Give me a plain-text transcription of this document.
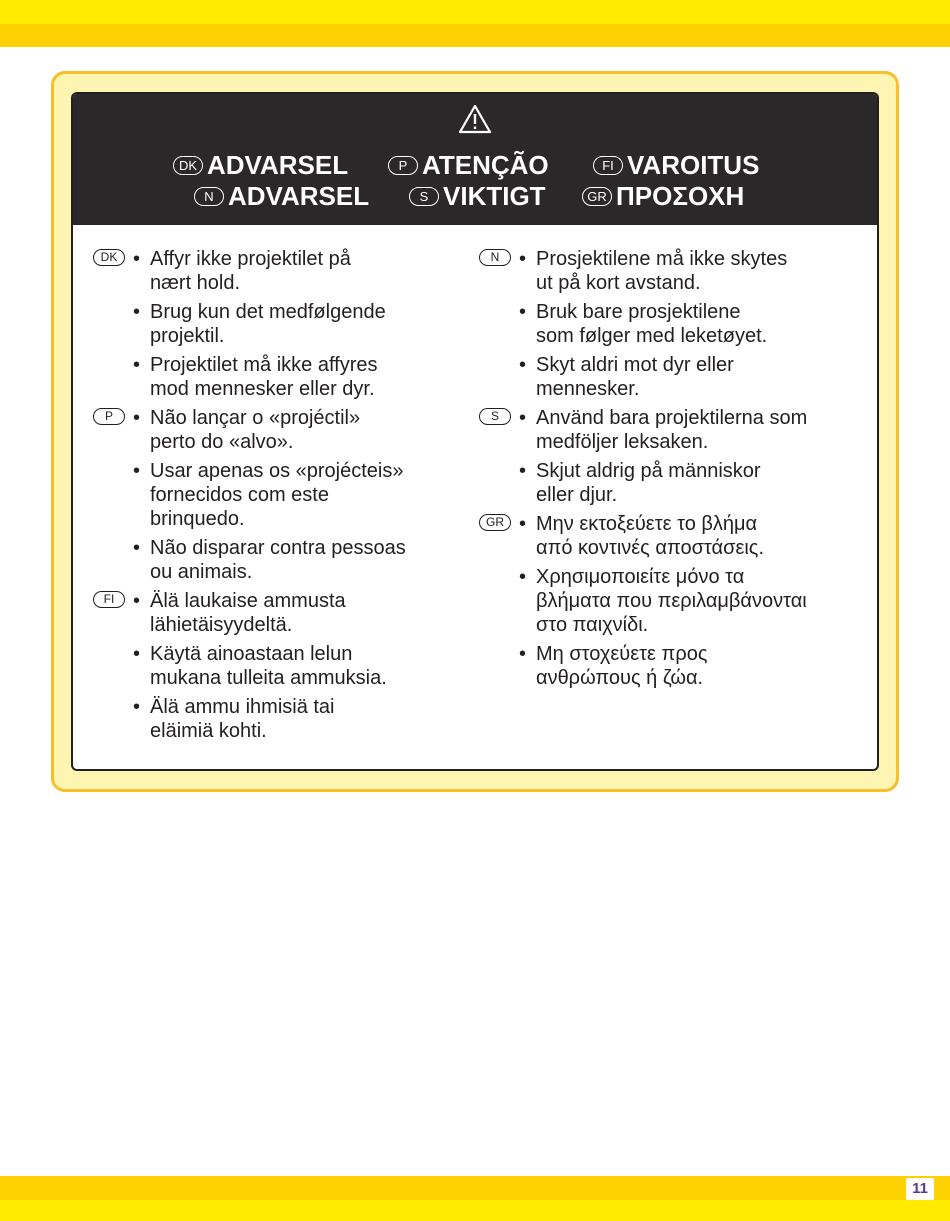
DK ADVARSEL	P ATENÇÃO	FI VAROITUS
N ADVARSEL	S VIKTIGT	GR ΠΡΟΣΟΧΗ
DK • Affyr ikke projektilet på
nært hold.
• Brug kun det medfølgende
projektil.
• Projektilet må ikke affyres
mod mennesker eller dyr.
P	• Não lançar o «projéctil»
perto do «alvo».
• Usar apenas os «projécteis»
fornecidos com este
brinquedo.
• Não disparar contra pessoas
ou animais.
FI • Älä laukaise ammusta
lähietäisyydeltä.
• Käytä ainoastaan lelun
mukana tulleita ammuksia.
• Älä ammu ihmisiä tai
eläimiä kohti.
N • Prosjektilene må ikke skytes
ut på kort avstand.
• Bruk bare prosjektilene
som følger med leketøyet.
• Skyt aldri mot dyr eller
mennesker.
S	• Använd bara projektilerna som
medföljer leksaken.
• Skjut aldrig på människor
eller djur.
GR • Μην εκτοξεύετε το βλήμα
από κοντινές αποστάσεις.
• Χρησιμοποιείτε μόνο τα
βλήματα που περιλαμβάνονται
στο παιχνίδι.
• Μη στοχεύετε προς
ανθρώπους ή ζώα.
11
